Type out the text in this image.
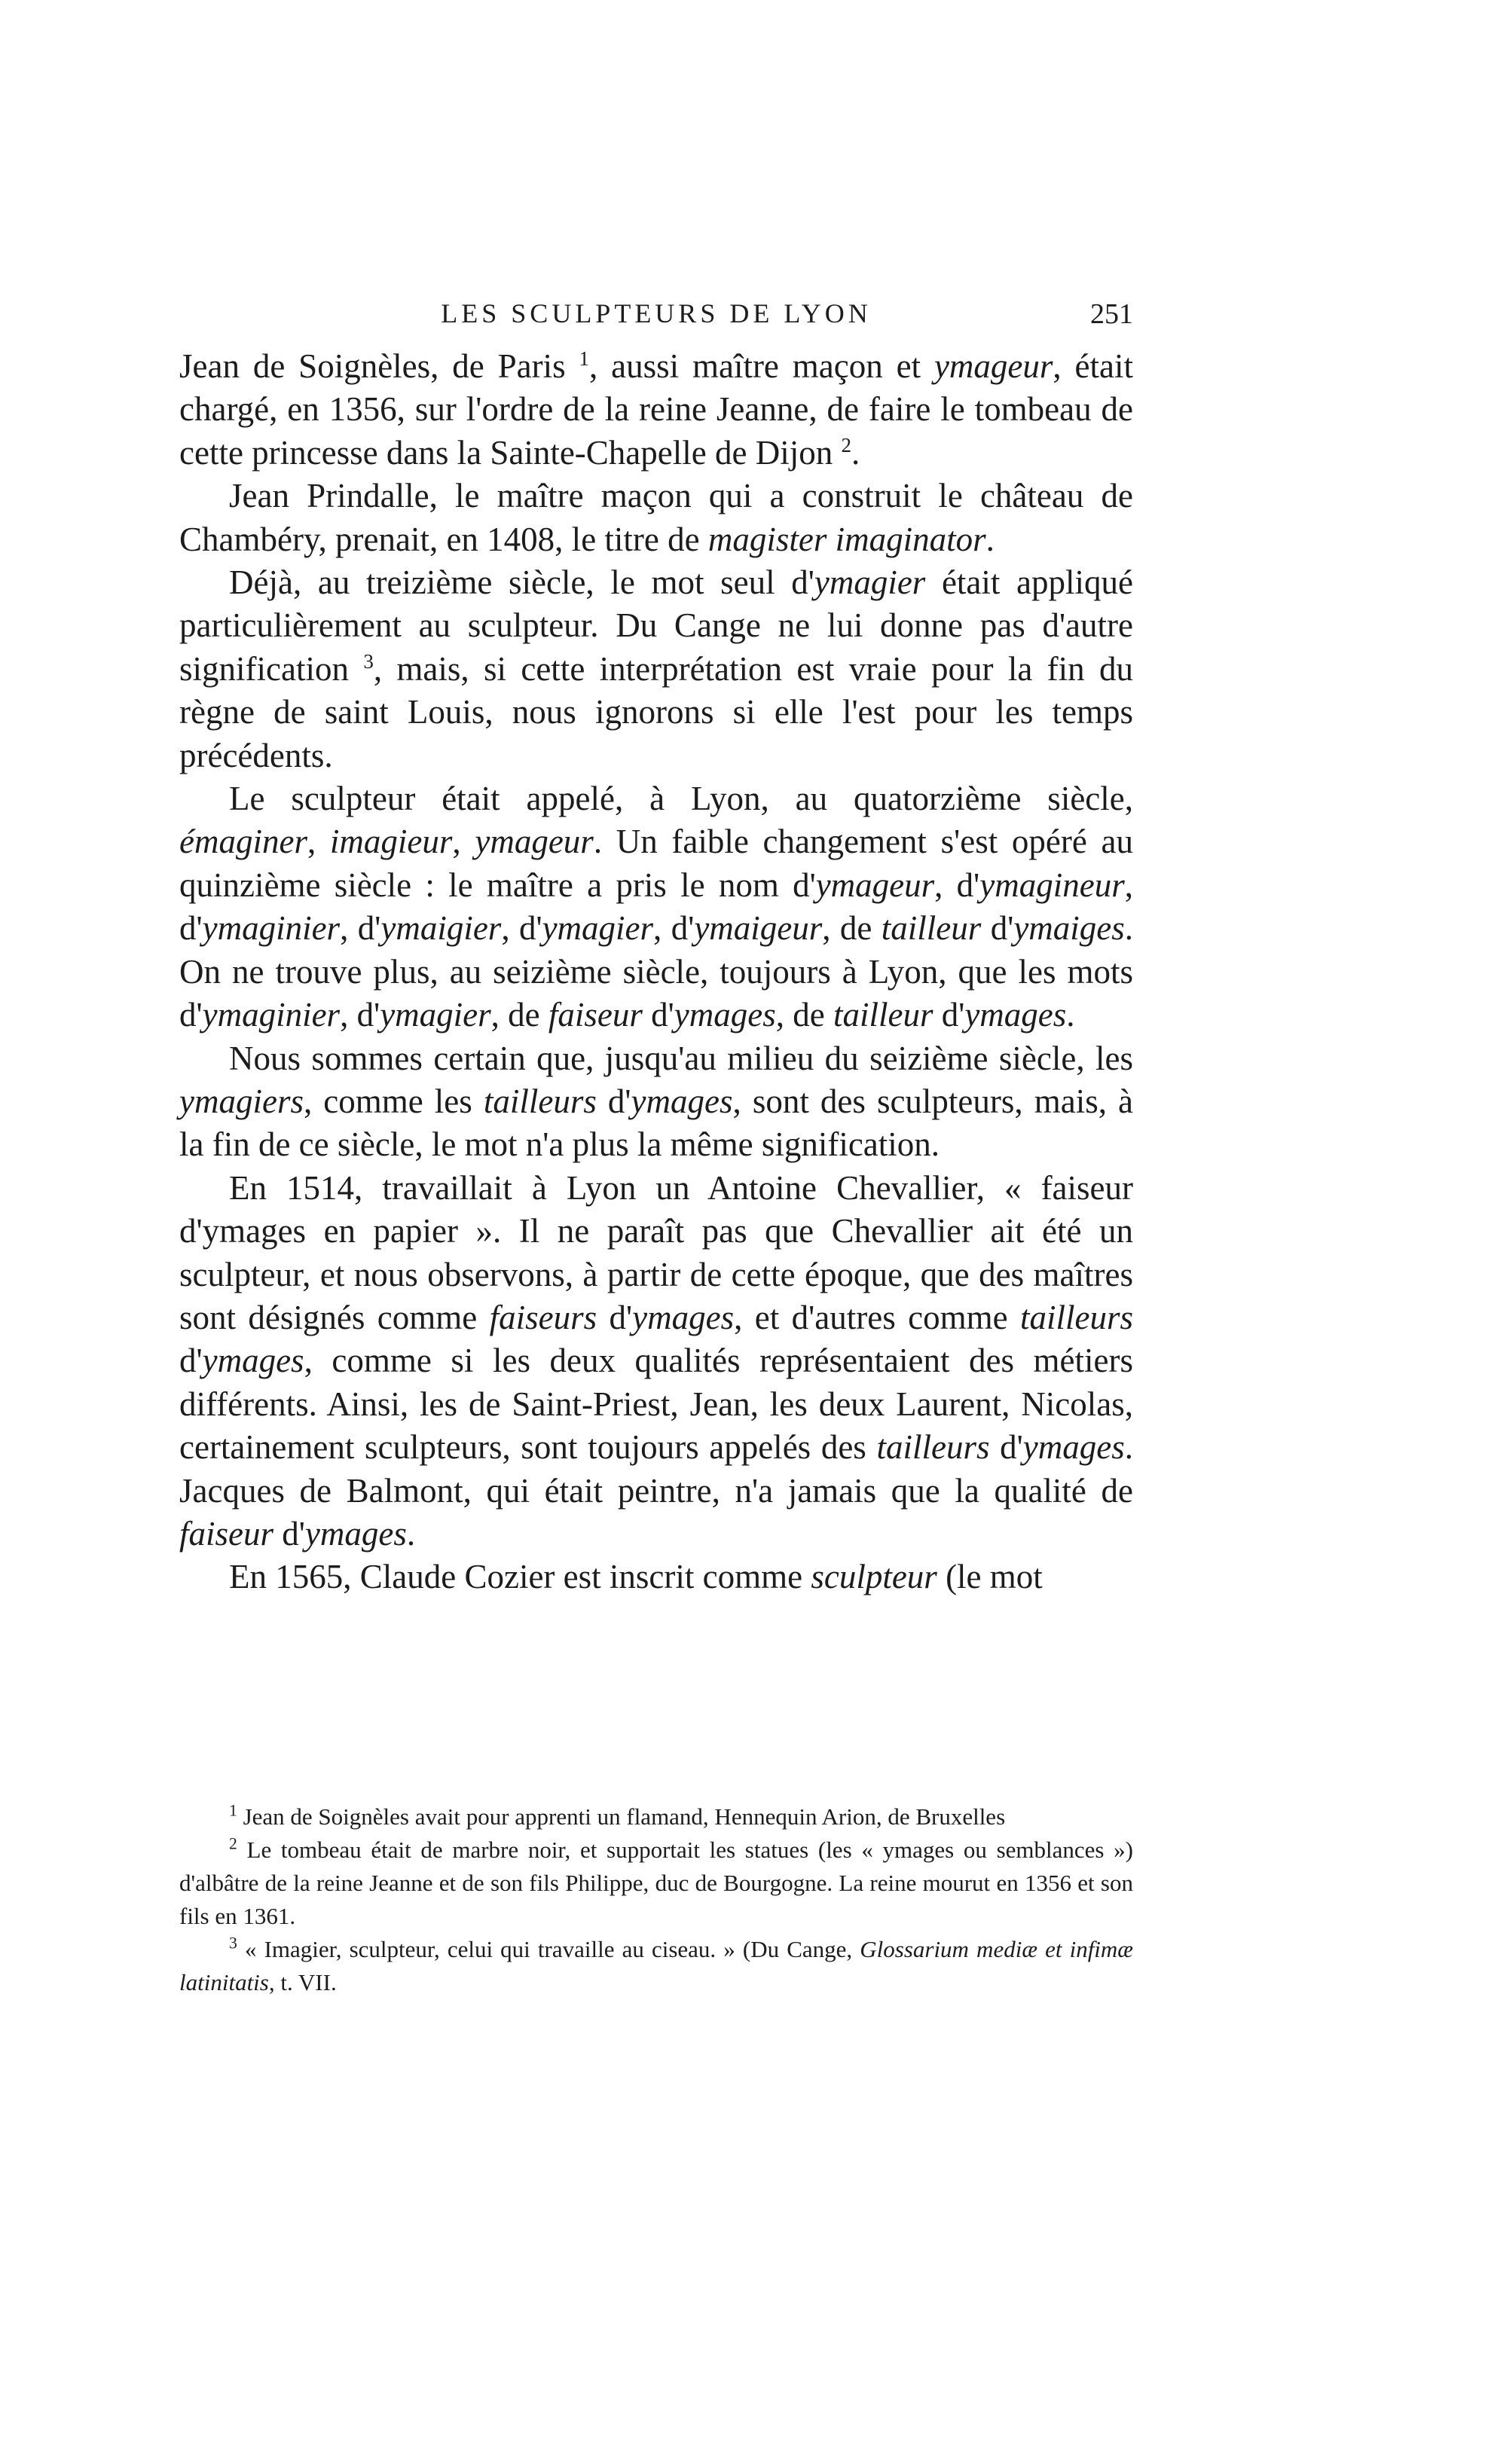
LES SCULPTEURS DE LYON	251

Jean de Soignèles, de Paris $^1$, aussi maître maçon et ymageur, était chargé, en 1356, sur l'ordre de la reine Jeanne, de faire le tombeau de cette princesse dans la Sainte-Chapelle de Dijon $^2$.

Jean Prindalle, le maître maçon qui a construit le château de Chambéry, prenait, en 1408, le titre de magister imaginator.

Déjà, au treizième siècle, le mot seul d'ymagier était appliqué particulièrement au sculpteur. Du Cange ne lui donne pas d'autre signification $^3$, mais, si cette interprétation est vraie pour la fin du règne de saint Louis, nous ignorons si elle l'est pour les temps précédents.

Le sculpteur était appelé, à Lyon, au quatorzième siècle, émaginer, imagieur, ymageur. Un faible changement s'est opéré au quinzième siècle : le maître a pris le nom d'ymageur, d'ymagineur, d'ymaginier, d'ymaigier, d'ymagier, d'ymaigeur, de tailleur d'ymaiges. On ne trouve plus, au seizième siècle, toujours à Lyon, que les mots d'ymaginier, d'ymagier, de faiseur d'ymages, de tailleur d'ymages.

Nous sommes certain que, jusqu'au milieu du seizième siècle, les ymagiers, comme les tailleurs d'ymages, sont des sculpteurs, mais, à la fin de ce siècle, le mot n'a plus la même signification.

En 1514, travaillait à Lyon un Antoine Chevallier, « faiseur d'ymages en papier ». Il ne paraît pas que Chevallier ait été un sculpteur, et nous observons, à partir de cette époque, que des maîtres sont désignés comme faiseurs d'ymages, et d'autres comme tailleurs d'ymages, comme si les deux qualités représentaient des métiers différents. Ainsi, les de Saint-Priest, Jean, les deux Laurent, Nicolas, certainement sculpteurs, sont toujours appelés des tailleurs d'ymages. Jacques de Balmont, qui était peintre, n'a jamais que la qualité de faiseur d'ymages.

En 1565, Claude Cozier est inscrit comme sculpteur (le mot

$^1$ Jean de Soignèles avait pour apprenti un flamand, Hennequin Arion, de Bruxelles

$^2$ Le tombeau était de marbre noir, et supportait les statues (les « ymages ou semblances ») d'albâtre de la reine Jeanne et de son fils Philippe, duc de Bourgogne. La reine mourut en 1356 et son fils en 1361.

$^3$ « Imagier, sculpteur, celui qui travaille au ciseau. » (Du Cange, Glossarium mediæ et infimæ latinitatis, t. VII.
